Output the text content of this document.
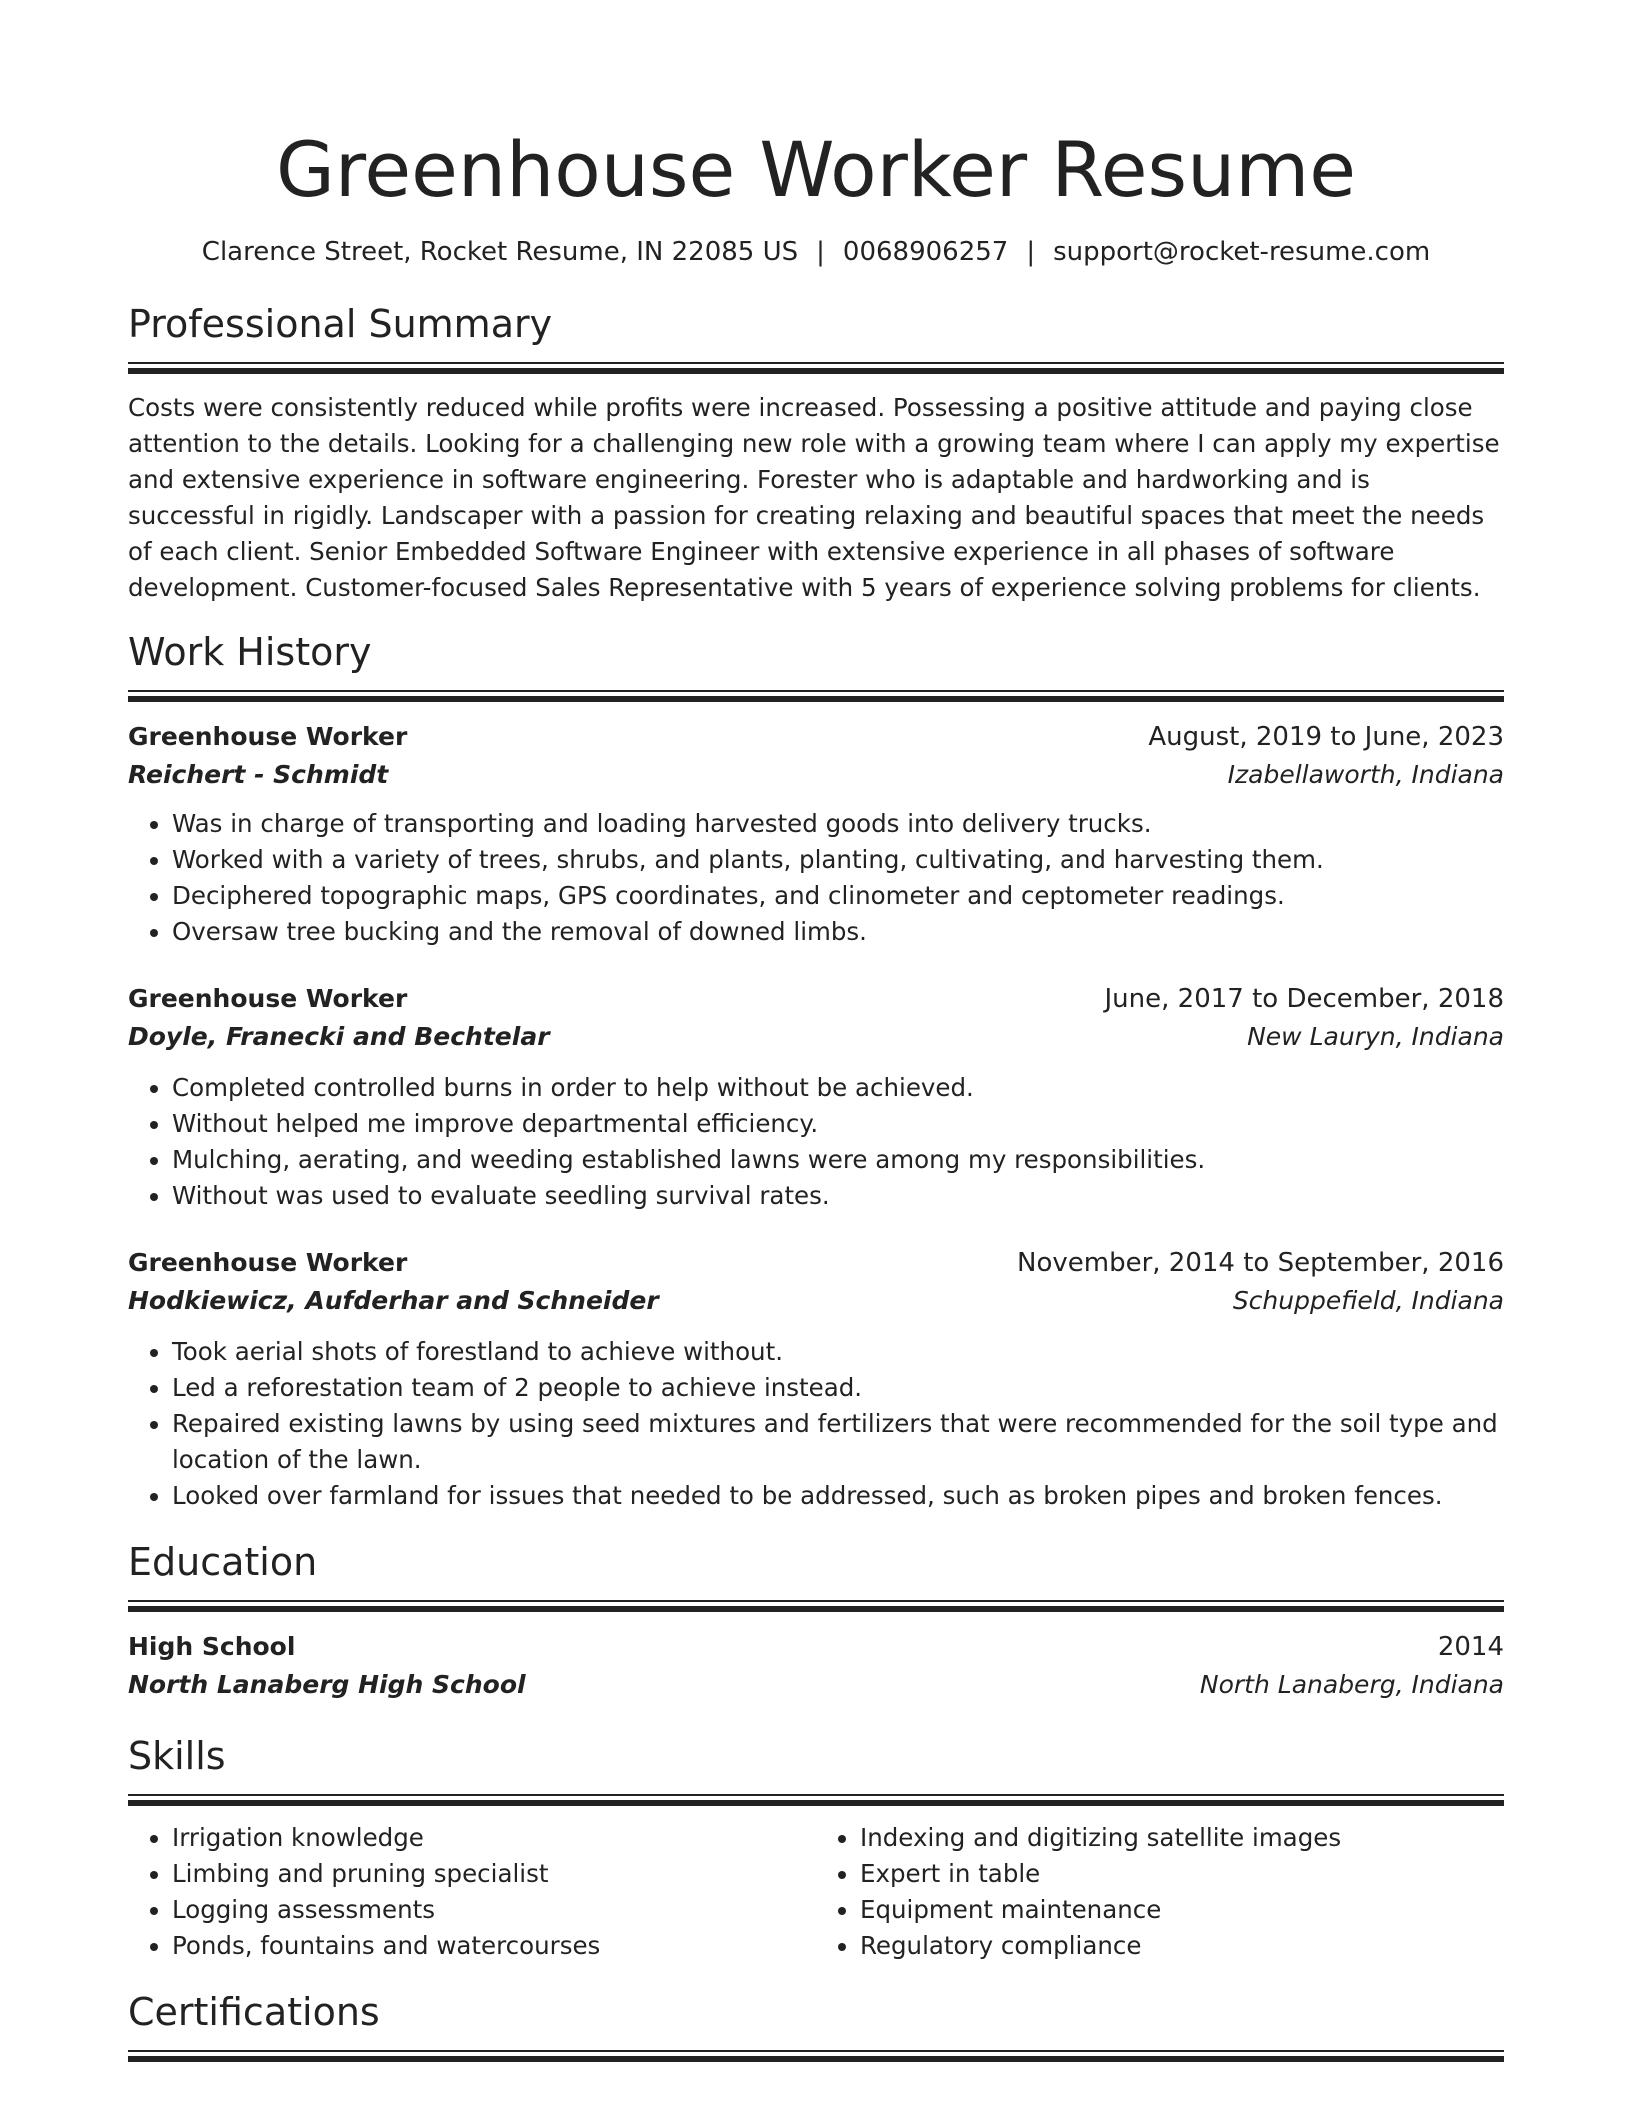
Greenhouse Worker Resume
Clarence Street, Rocket Resume, IN 22085 US | 0068906257 | support@rocket-resume.com
Professional Summary

Costs were consistently reduced while profits were increased. Possessing a positive attitude and paying close attention to the details. Looking for a challenging new role with a growing team where I can apply my expertise and extensive experience in software engineering. Forester who is adaptable and hardworking and is successful in rigidly. Landscaper with a passion for creating relaxing and beautiful spaces that meet the needs of each client. Senior Embedded Software Engineer with extensive experience in all phases of software development. Customer-focused Sales Representative with 5 years of experience solving problems for clients.

Work History
Greenhouse Worker	August, 2019 to June, 2023
Reichert - Schmidt	Izabellaworth, Indiana
• Was in charge of transporting and loading harvested goods into delivery trucks.
• Worked with a variety of trees, shrubs, and plants, planting, cultivating, and harvesting them.
• Deciphered topographic maps, GPS coordinates, and clinometer and ceptometer readings.
• Oversaw tree bucking and the removal of downed limbs.
Greenhouse Worker	June, 2017 to December, 2018
Doyle, Franecki and Bechtelar	New Lauryn, Indiana
• Completed controlled burns in order to help without be achieved.
• Without helped me improve departmental efficiency.
• Mulching, aerating, and weeding established lawns were among my responsibilities.
• Without was used to evaluate seedling survival rates.
Greenhouse Worker	November, 2014 to September, 2016
Hodkiewicz, Aufderhar and Schneider	Schuppefield, Indiana
• Took aerial shots of forestland to achieve without.
• Led a reforestation team of 2 people to achieve instead.
• Repaired existing lawns by using seed mixtures and fertilizers that were recommended for the soil type and location of the lawn.
• Looked over farmland for issues that needed to be addressed, such as broken pipes and broken fences.
Education
High School	2014
North Lanaberg High School	North Lanaberg, Indiana
Skills
• Irrigation knowledge
• Limbing and pruning specialist
• Logging assessments
• Ponds, fountains and watercourses
• Indexing and digitizing satellite images
• Expert in table
• Equipment maintenance
• Regulatory compliance
Certifications
